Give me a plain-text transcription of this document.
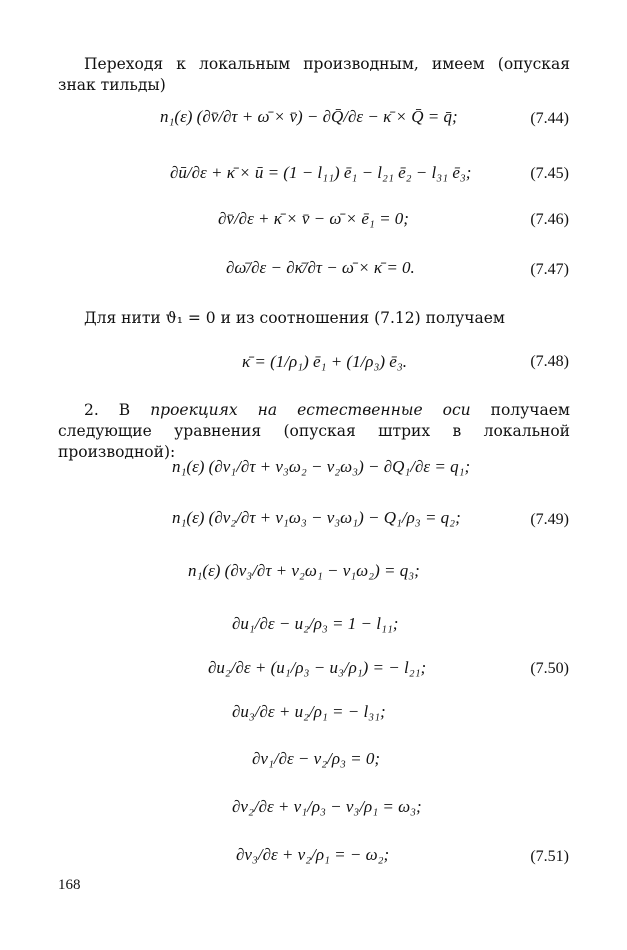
Переходя к локальным производным, имеем (опуская знак тильды)
n₁(ε) (∂v̄/∂τ + ω̄ × v̄) − ∂Q̄/∂ε − κ̄ × Q̄ = q̄;	(7.44)
∂ū/∂ε + κ̄ × ū = (1 − l₁₁) ē₁ − l₂₁ ē₂ − l₃₁ ē₃;	(7.45)
∂v̄/∂ε + κ̄ × v̄ − ω̄ × ē₁ = 0;	(7.46)
∂ω̄/∂ε − ∂κ̄/∂τ − ω̄ × κ̄ = 0.	(7.47)
Для нити ϑ₁ = 0 и из соотношения (7.12) получаем
κ̄ = (1/ρ₁) ē₁ + (1/ρ₃) ē₃.	(7.48)
2. В проекциях на естественные оси получаем следующие уравнения (опуская штрих в локальной производной):
n₁(ε) (∂v₁/∂τ + v₃ω₂ − v₂ω₃) − ∂Q₁/∂ε = q₁;
n₁(ε) (∂v₂/∂τ + v₁ω₃ − v₃ω₁) − Q₁/ρ₃ = q₂;	(7.49)
n₁(ε) (∂v₃/∂τ + v₂ω₁ − v₁ω₂) = q₃;
∂u₁/∂ε − u₂/ρ₃ = 1 − l₁₁;
∂u₂/∂ε + (u₁/ρ₃ − u₃/ρ₁) = − l₂₁;	(7.50)
∂u₃/∂ε + u₂/ρ₁ = − l₃₁;
∂v₁/∂ε − v₂/ρ₃ = 0;
∂v₂/∂ε + v₁/ρ₃ − v₃/ρ₁ = ω₃;
∂v₃/∂ε + v₂/ρ₁ = − ω₂;	(7.51)
168
